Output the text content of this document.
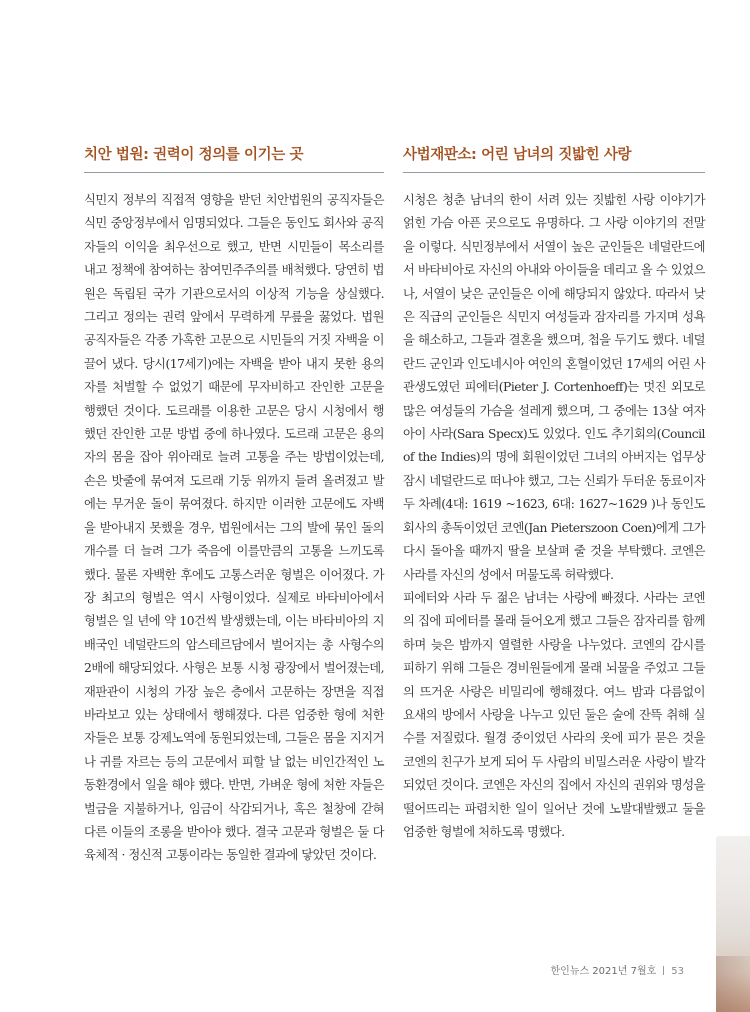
치안 법원: 권력이 정의를 이기는 곳

식민지 정부의 직접적 영향을 받던 치안법원의 공직자들은 식민 중앙정부에서 임명되었다. 그들은 동인도 회사와 공직자들의 이익을 최우선으로 했고, 반면 시민들이 목소리를 내고 정책에 참여하는 참여민주주의를 배척했다. 당연히 법원은 독립된 국가 기관으로서의 이상적 기능을 상실했다. 그리고 정의는 권력 앞에서 무력하게 무릎을 꿇었다. 법원 공직자들은 각종 가혹한 고문으로 시민들의 거짓 자백을 이끌어 냈다. 당시(17세기)에는 자백을 받아 내지 못한 용의자를 처벌할 수 없었기 때문에 무자비하고 잔인한 고문을 행했던 것이다. 도르래를 이용한 고문은 당시 시청에서 행했던 잔인한 고문 방법 중에 하나였다. 도르래 고문은 용의자의 몸을 잡아 위아래로 늘려 고통을 주는 방법이었는데, 손은 밧줄에 묶여져 도르래 기둥 위까지 들려 올려졌고 발에는 무거운 돌이 묶여졌다. 하지만 이러한 고문에도 자백을 받아내지 못했을 경우, 법원에서는 그의 발에 묶인 돌의 개수를 더 늘려 그가 죽음에 이를만큼의 고통을 느끼도록 했다. 물론 자백한 후에도 고통스러운 형벌은 이어졌다. 가장 최고의 형벌은 역시 사형이었다. 실제로 바타비아에서 형벌은 일 년에 약 10건씩 발생했는데, 이는 바타비아의 지배국인 네덜란드의 암스테르담에서 벌어지는 총 사형수의 2배에 해당되었다. 사형은 보통 시청 광장에서 벌어졌는데, 재판관이 시청의 가장 높은 층에서 고문하는 장면을 직접 바라보고 있는 상태에서 행해졌다. 다른 엄중한 형에 처한 자들은 보통 강제노역에 동원되었는데, 그들은 몸을 지지거나 귀를 자르는 등의 고문에서 피할 날 없는 비인간적인 노동환경에서 일을 해야 했다. 반면, 가벼운 형에 처한 자들은 벌금을 지불하거나, 임금이 삭감되거나, 혹은 철창에 갇혀 다른 이들의 조롱을 받아야 했다. 결국 고문과 형벌은 둘 다 육체적 · 정신적 고통이라는 동일한 결과에 닿았던 것이다.

사법재판소: 어린 남녀의 짓밟힌 사랑

시청은 청춘 남녀의 한이 서려 있는 짓밟힌 사랑 이야기가 얽힌 가슴 아픈 곳으로도 유명하다. 그 사랑 이야기의 전말을 이렇다. 식민정부에서 서열이 높은 군인들은 네덜란드에서 바타비아로 자신의 아내와 아이들을 데리고 올 수 있었으나, 서열이 낮은 군인들은 이에 해당되지 않았다. 따라서 낮은 직급의 군인들은 식민지 여성들과 잠자리를 가지며 성욕을 해소하고, 그들과 결혼을 했으며, 첩을 두기도 했다. 네덜란드 군인과 인도네시아 여인의 혼혈이었던 17세의 어린 사관생도였던 피에터(Pieter J. Cortenhoeff)는 멋진 외모로 많은 여성들의 가슴을 설레게 했으며, 그 중에는 13살 여자 아이 사라(Sara Specx)도 있었다. 인도 추기회의(Council of the Indies)의 명에 회원이었던 그녀의 아버지는 업무상 잠시 네덜란드로 떠나야 했고, 그는 신뢰가 두터운 동료이자 두 차례(4대: 1619 ~1623, 6대: 1627~1629 )나 동인도 회사의 총독이었던 코엔(Jan Pieterszoon Coen)에게 그가 다시 돌아올 때까지 딸을 보살펴 줄 것을 부탁했다. 코엔은 사라를 자신의 성에서 머물도록 허락했다.

피에터와 사라 두 젊은 남녀는 사랑에 빠졌다. 사라는 코엔의 집에 피에터를 몰래 들어오게 했고 그들은 잠자리를 함께 하며 늦은 밤까지 열렬한 사랑을 나누었다. 코엔의 감시를 피하기 위해 그들은 경비원들에게 몰래 뇌물을 주었고 그들의 뜨거운 사랑은 비밀리에 행해졌다. 여느 밤과 다름없이 요새의 방에서 사랑을 나누고 있던 둘은 술에 잔뜩 취해 실수를 저질렀다. 월경 중이었던 사라의 옷에 피가 묻은 것을 코엔의 친구가 보게 되어 두 사람의 비밀스러운 사랑이 발각되었던 것이다. 코엔은 자신의 집에서 자신의 권위와 명성을 떨어뜨리는 파렴치한 일이 일어난 것에 노발대발했고 둘을 엄중한 형벌에 처하도록 명했다.

한인뉴스 2021년 7월호 53
